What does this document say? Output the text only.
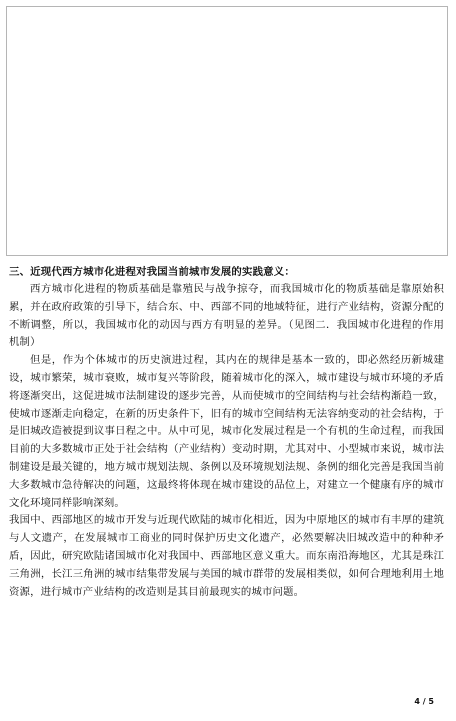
三、近现代西方城市化进程对我国当前城市发展的实践意义：

西方城市化进程的物质基础是靠殖民与战争掠夺，而我国城市化的物质基础是靠原始积累，并在政府政策的引导下，结合东、中、西部不同的地域特征，进行产业结构，资源分配的不断调整，所以，我国城市化的动因与西方有明显的差异。（见图二．我国城市化进程的作用机制）

但是，作为个体城市的历史演进过程，其内在的规律是基本一致的，即必然经历新城建设，城市繁荣，城市衰败，城市复兴等阶段，随着城市化的深入，城市建设与城市环境的矛盾将逐渐突出，这促进城市法制建设的逐步完善，从而使城市的空间结构与社会结构渐趋一致，使城市逐渐走向稳定，在新的历史条件下，旧有的城市空间结构无法容纳变动的社会结构，于是旧城改造被提到议事日程之中。从中可见，城市化发展过程是一个有机的生命过程，而我国目前的大多数城市正处于社会结构（产业结构）变动时期，尤其对中、小型城市来说，城市法制建设是最关键的，地方城市规划法规、条例以及环境规划法规、条例的细化完善是我国当前大多数城市急待解决的问题，这最终将体现在城市建设的品位上，对建立一个健康有序的城市文化环境同样影响深刻。

我国中、西部地区的城市开发与近现代欧陆的城市化相近，因为中原地区的城市有丰厚的建筑与人文遗产，在发展城市工商业的同时保护历史文化遗产，必然要解决旧城改造中的种种矛盾，因此，研究欧陆诸国城市化对我国中、西部地区意义重大。而东南沿海地区，尤其是珠江三角洲，长江三角洲的城市结集带发展与美国的城市群带的发展相类似，如何合理地利用土地资源，进行城市产业结构的改造则是其目前最现实的城市问题。

4 / 5
